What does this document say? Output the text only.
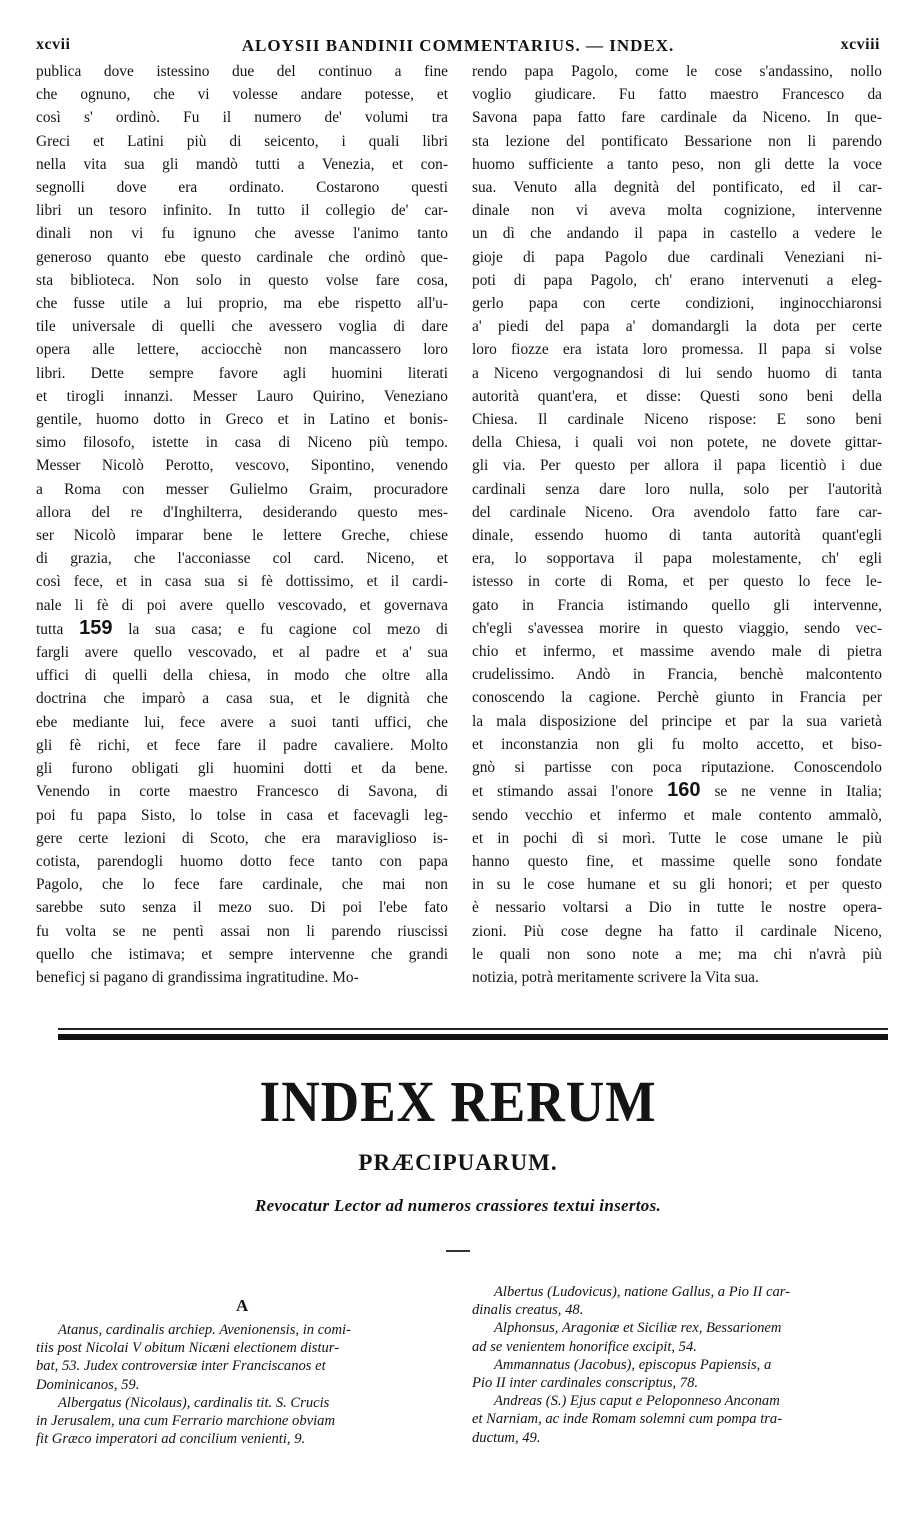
xcvii	ALOYSII BANDINII COMMENTARIUS. — INDEX.	xcviii
publica dove istessino due del continuo a fine
che ognuno, che vi volesse andare potesse, et
così s' ordinò. Fu il numero de' volumi tra
Greci et Latini più di seicento, i quali libri
nella vita sua gli mandò tutti a Venezia, et con-
segnolli dove era ordinato. Costarono questi
libri un tesoro infinito. In tutto il collegio de' car-
dinali non vi fu ignuno che avesse l'animo tanto
generoso quanto ebe questo cardinale che ordinò que-
sta biblioteca. Non solo in questo volse fare cosa,
che fusse utile a lui proprio, ma ebe rispetto all'u-
tile universale di quelli che avessero voglia di dare
opera alle lettere, acciocchè non mancassero loro
libri. Dette sempre favore agli huomini literati
et tirogli innanzi. Messer Lauro Quirino, Veneziano
gentile, huomo dotto in Greco et in Latino et bonis-
simo filosofo, istette in casa di Niceno più tempo.
Messer Nicolò Perotto, vescovo, Sipontino, venendo
a Roma con messer Gulielmo Graim, procuradore
allora del re d'Inghilterra, desiderando questo mes-
ser Nicolò imparar bene le lettere Greche, chiese
di grazia, che l'acconiasse col card. Niceno, et
così fece, et in casa sua si fè dottissimo, et il cardi-
nale li fè di poi avere quello vescovado, et governava
tutta 159 la sua casa; e fu cagione col mezo di
fargli avere quello vescovado, et al padre et a' sua
uffici di quelli della chiesa, in modo che oltre alla
doctrina che imparò a casa sua, et le dignità che
ebe mediante lui, fece avere a suoi tanti uffici, che
gli fè richi, et fece fare il padre cavaliere. Molto
gli furono obligati gli huomini dotti et da bene.
Venendo in corte maestro Francesco di Savona, di
poi fu papa Sisto, lo tolse in casa et facevagli leg-
gere certe lezioni di Scoto, che era maraviglioso is-
cotista, parendogli huomo dotto fece tanto con papa
Pagolo, che lo fece fare cardinale, che mai non
sarebbe suto senza il mezo suo. Di poi l'ebe fato
fu volta se ne pentì assai non li parendo riuscissi
quello che istimava; et sempre intervenne che grandi
beneficj si pagano di grandissima ingratitudine. Mo-
rendo papa Pagolo, come le cose s'andassino, nollo
voglio giudicare. Fu fatto maestro Francesco da
Savona papa fatto fare cardinale da Niceno. In que-
sta lezione del pontificato Bessarione non li parendo
huomo sufficiente a tanto peso, non gli dette la voce
sua. Venuto alla degnità del pontificato, ed il car-
dinale non vi aveva molta cognizione, intervenne
un dì che andando il papa in castello a vedere le
gioje di papa Pagolo due cardinali Veneziani ni-
poti di papa Pagolo, ch' erano intervenuti a eleg-
gerlo papa con certe condizioni, inginocchiaronsi
a' piedi del papa a' domandargli la dota per certe
loro fiozze era istata loro promessa. Il papa si volse
a Niceno vergognandosi di lui sendo huomo di tanta
autorità quant'era, et disse: Questi sono beni della
Chiesa. Il cardinale Niceno rispose: E sono beni
della Chiesa, i quali voi non potete, ne dovete gittar-
gli via. Per questo per allora il papa licentiò i due
cardinali senza dare loro nulla, solo per l'autorità
del cardinale Niceno. Ora avendolo fatto fare car-
dinale, essendo huomo di tanta autorità quant'egli
era, lo sopportava il papa molestamente, ch' egli
istesso in corte di Roma, et per questo lo fece le-
gato in Francia istimando quello gli intervenne,
ch'egli s'avessea morire in questo viaggio, sendo vec-
chio et infermo, et massime avendo male di pietra
crudelissimo. Andò in Francia, benchè malcontento
conoscendo la cagione. Perchè giunto in Francia per
la mala disposizione del principe et par la sua varietà
et inconstanzia non gli fu molto accetto, et biso-
gnò si partisse con poca riputazione. Conoscendolo
et stimando assai l'onore 160 se ne venne in Italia;
sendo vecchio et infermo et male contento ammalò,
et in pochi dì si morì. Tutte le cose umane le più
hanno questo fine, et massime quelle sono fondate
in su le cose humane et su gli honori; et per questo
è nessario voltarsi a Dio in tutte le nostre opera-
zioni. Più cose degne ha fatto il cardinale Niceno,
le quali non sono note a me; ma chi n'avrà più
notizia, potrà meritamente scrivere la Vita sua.
INDEX RERUM
PRÆCIPUARUM.
Revocatur Lector ad numeros crassiores textui insertos.
A
Atanus, cardinalis archiep. Avenionensis, in comi-
tiis post Nicolai V obitum Nicæni electionem distur-
bat, 53. Judex controversiæ inter Franciscanos et
Dominicanos, 59.
Albergatus (Nicolaus), cardinalis tit. S. Crucis
in Jerusalem, una cum Ferrario marchione obviam
fit Græco imperatori ad concilium venienti, 9.
Albertus (Ludovicus), natione Gallus, a Pio II car-
dinalis creatus, 48.
Alphonsus, Aragoniæ et Siciliæ rex, Bessarionem
ad se venientem honorifice excipit, 54.
Ammannatus (Jacobus), episcopus Papiensis, a
Pio II inter cardinales conscriptus, 78.
Andreas (S.) Ejus caput e Peloponneso Anconam
et Narniam, ac inde Romam solemni cum pompa tra-
ductum, 49.
